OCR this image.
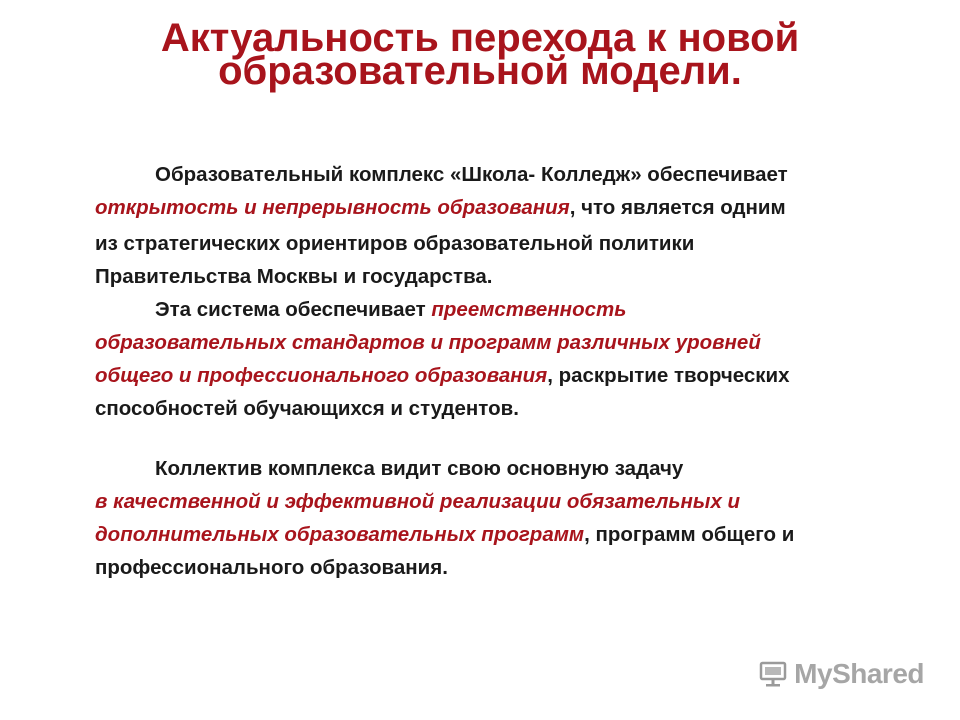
Актуальность перехода к новой
образовательной модели.

Образовательный комплекс «Школа- Колледж» обеспечивает
открытость и непрерывность образования, что является одним
из стратегических ориентиров образовательной политики
Правительства Москвы и государства.

Эта система обеспечивает преемственность
образовательных стандартов и программ различных уровней
общего и профессионального образования, раскрытие творческих
способностей обучающихся и студентов.

Коллектив комплекса видит свою основную задачу
в качественной и эффективной реализации обязательных и
дополнительных образовательных программ, программ общего и
профессионального образования.

MyShared
